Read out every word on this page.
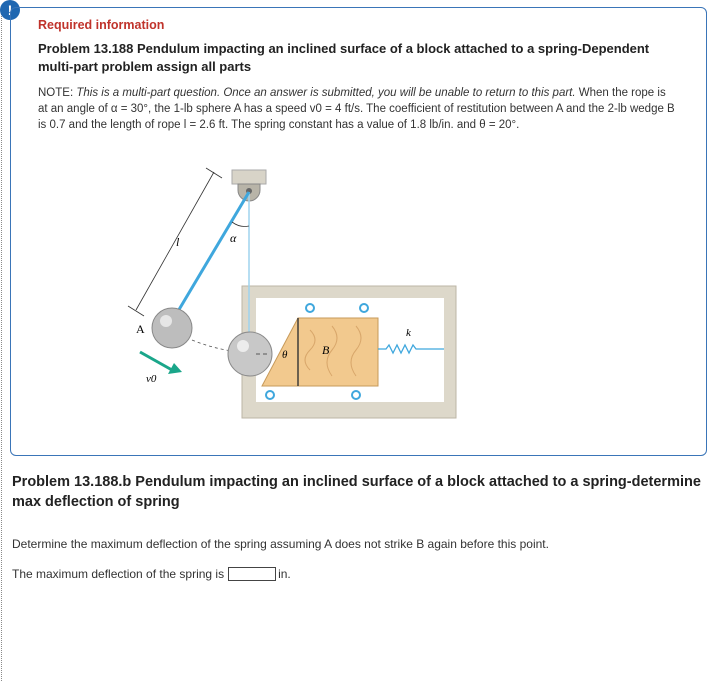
!
Required information
Problem 13.188 Pendulum impacting an inclined surface of a block attached to a spring-Dependent multi-part problem assign all parts
NOTE: This is a multi-part question. Once an answer is submitted, you will be unable to return to this part. When the rope is at an angle of α = 30°, the 1-lb sphere A has a speed v0 = 4 ft/s. The coefficient of restitution between A and the 2-lb wedge B is 0.7 and the length of rope l = 2.6 ft. The spring constant has a value of 1.8 lb/in. and θ = 20°.
k
l	α
A
v0
θ	B
Problem 13.188.b Pendulum impacting an inclined surface of a block attached to a spring-determine max deflection of spring
Determine the maximum deflection of the spring assuming A does not strike B again before this point.
The maximum deflection of the spring is	in.
